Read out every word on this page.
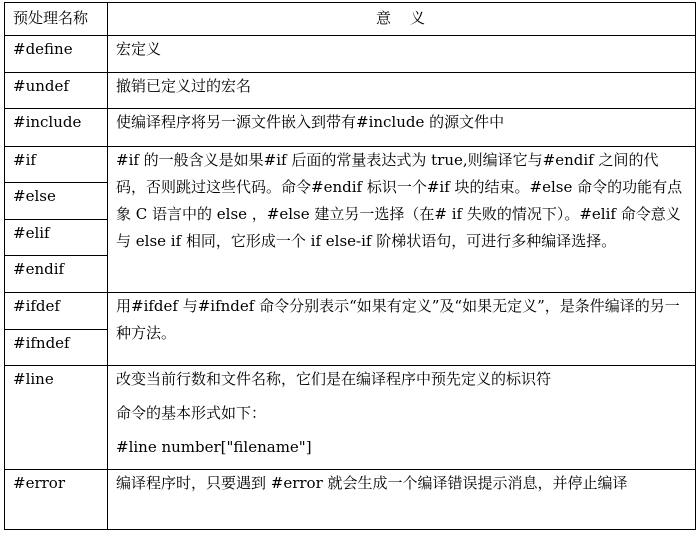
预处理名称	意　义
#define	宏定义

#undef	撤销已定义过的宏名

#include	使编译程序将另一源文件嵌入到带有#include 的源文件中

#if	#if 的一般含义是如果#if 后面的常量表达式为 true,则编译它与#endif 之间的代码，否则跳过这些代码。命令#endif 标识一个#if 块的结束。#else 命令的功能有点象 C 语言中的 else ，#else 建立另一选择（在# if 失败的情况下）。#elif 命令意义与 else if 相同，它形成一个 if else-if 阶梯状语句，可进行多种编译选择。

#else	
#elif	
#endif	
#ifdef	用#ifdef 与#ifndef 命令分别表示“如果有定义”及“如果无定义”，是条件编译的另一种方法。

#ifndef	
#line	改变当前行数和文件名称，它们是在编译程序中预先定义的标识符

命令的基本形式如下：

#line number["filename"]

#error	编译程序时，只要遇到 #error 就会生成一个编译错误提示消息，并停止编译
